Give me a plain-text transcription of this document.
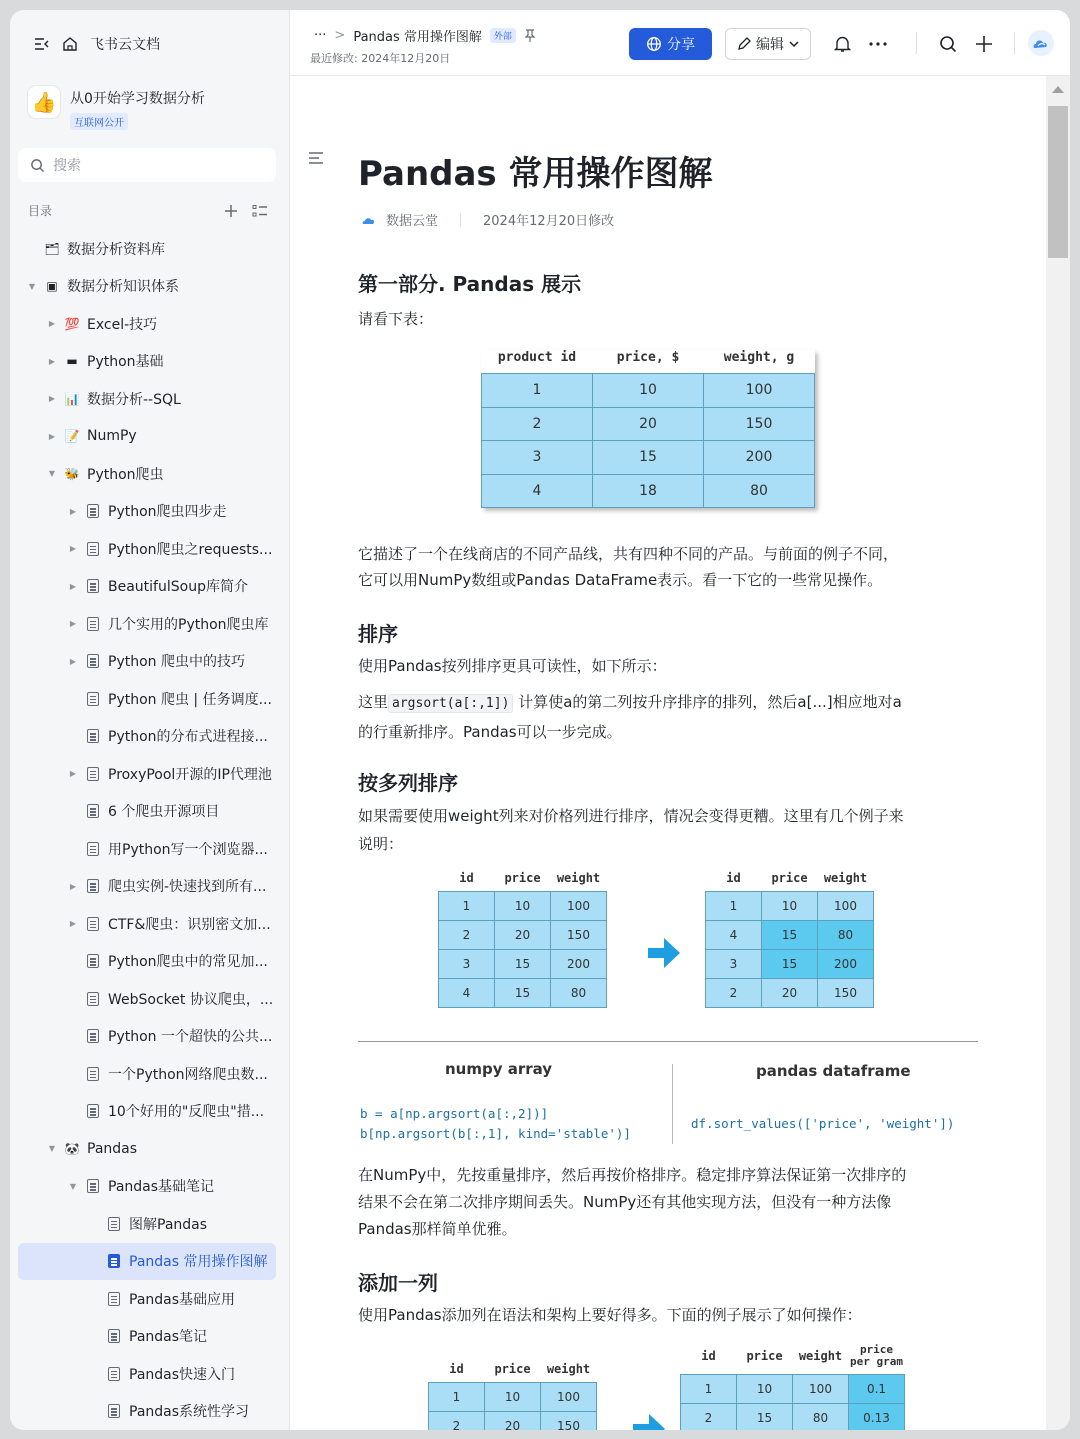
飞书云文档
👍 从0开始学习数据分析
互联网公开
搜索
目录
🗂 数据分析资料库
▼ ▣ 数据分析知识体系
▶ 💯 Excel-技巧
▶ ▬ Python基础
▶ 📊 数据分析--SQL
▶ 📝 NumPy
▼ 🐝 Python爬虫
▶ Python爬虫四步走
▶ Python爬虫之requests...
▶ BeautifulSoup库简介
▶ 几个实用的Python爬虫库
▶ Python 爬虫中的技巧
Python 爬虫 | 任务调度...
Python的分布式进程接...
▶ ProxyPool开源的IP代理池
6 个爬虫开源项目
用Python写一个浏览器...
▶ 爬虫实例-快速找到所有...
▶ CTF&爬虫：识别密文加...
Python爬虫中的常见加...
WebSocket 协议爬虫，...
Python 一个超快的公共...
一个Python网络爬虫数...
10个好用的"反爬虫"措...
▼ 🐼 Pandas
▼ Pandas基础笔记
图解Pandas
Pandas 常用操作图解
Pandas基础应用
Pandas笔记
Pandas快速入门
Pandas系统性学习
··· > Pandas 常用操作图解	外部
最近修改: 2024年12月20日
分享	编辑
Pandas 常用操作图解
数据云堂	2024年12月20日修改
第一部分. Pandas 展示

请看下表：

product id	price, $	weight, g
1	10	100
2	20	150
3	15	200
4	18	80

它描述了一个在线商店的不同产品线，共有四种不同的产品。与前面的例子不同，
它可以用NumPy数组或Pandas DataFrame表示。看一下它的一些常见操作。

排序

使用Pandas按列排序更具可读性，如下所示：

这里 argsort(a[:,1]) 计算使a的第二列按升序排序的排列，然后a[...]相应地对a
的行重新排序。Pandas可以一步完成。

按多列排序

如果需要使用weight列来对价格列进行排序，情况会变得更糟。这里有几个例子来
说明：

id	price	weight
1	10	100
2	20	150
3	15	200
4	15	80
id	price	weight
1	10	100
4	15	80
3	15	200
2	20	150
numpy array	pandas dataframe
b = a[np.argsort(a[:,2])]
b[np.argsort(b[:,1], kind='stable')]
df.sort_values(['price', 'weight'])

在NumPy中，先按重量排序，然后再按价格排序。稳定排序算法保证第一次排序的
结果不会在第二次排序期间丢失。NumPy还有其他实现方法，但没有一种方法像
Pandas那样简单优雅。

添加一列

使用Pandas添加列在语法和架构上要好得多。下面的例子展示了如何操作：

id	price	weight
1	10	100
2	20	150
id	price	weight	price per gram
1	10	100	0.1
2	15	80	0.13
